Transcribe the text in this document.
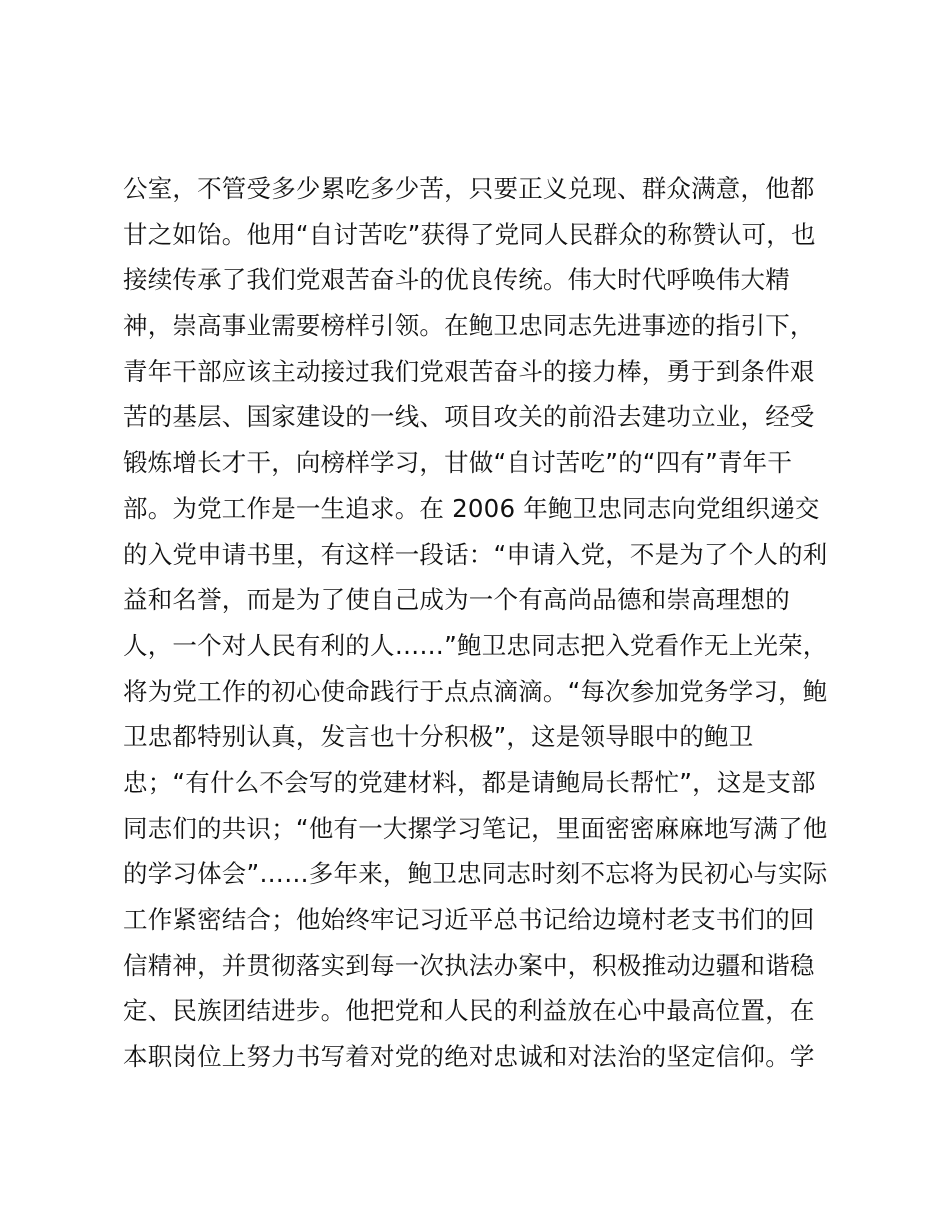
公室，不管受多少累吃多少苦，只要正义兑现、群众满意，他都
甘之如饴。他用“自讨苦吃”获得了党同人民群众的称赞认可，也
接续传承了我们党艰苦奋斗的优良传统。伟大时代呼唤伟大精
神，崇高事业需要榜样引领。在鲍卫忠同志先进事迹的指引下，
青年干部应该主动接过我们党艰苦奋斗的接力棒，勇于到条件艰
苦的基层、国家建设的一线、项目攻关的前沿去建功立业，经受
锻炼增长才干，向榜样学习，甘做“自讨苦吃”的“四有”青年干
部。为党工作是一生追求。在 2006 年鲍卫忠同志向党组织递交
的入党申请书里，有这样一段话：“申请入党，不是为了个人的利
益和名誉，而是为了使自己成为一个有高尚品德和崇高理想的
人，一个对人民有利的人……”鲍卫忠同志把入党看作无上光荣，
将为党工作的初心使命践行于点点滴滴。“每次参加党务学习，鲍
卫忠都特别认真，发言也十分积极”，这是领导眼中的鲍卫
忠；“有什么不会写的党建材料，都是请鲍局长帮忙”，这是支部
同志们的共识；“他有一大摞学习笔记，里面密密麻麻地写满了他
的学习体会”……多年来，鲍卫忠同志时刻不忘将为民初心与实际
工作紧密结合；他始终牢记习近平总书记给边境村老支书们的回
信精神，并贯彻落实到每一次执法办案中，积极推动边疆和谐稳
定、民族团结进步。他把党和人民的利益放在心中最高位置，在
本职岗位上努力书写着对党的绝对忠诚和对法治的坚定信仰。学
